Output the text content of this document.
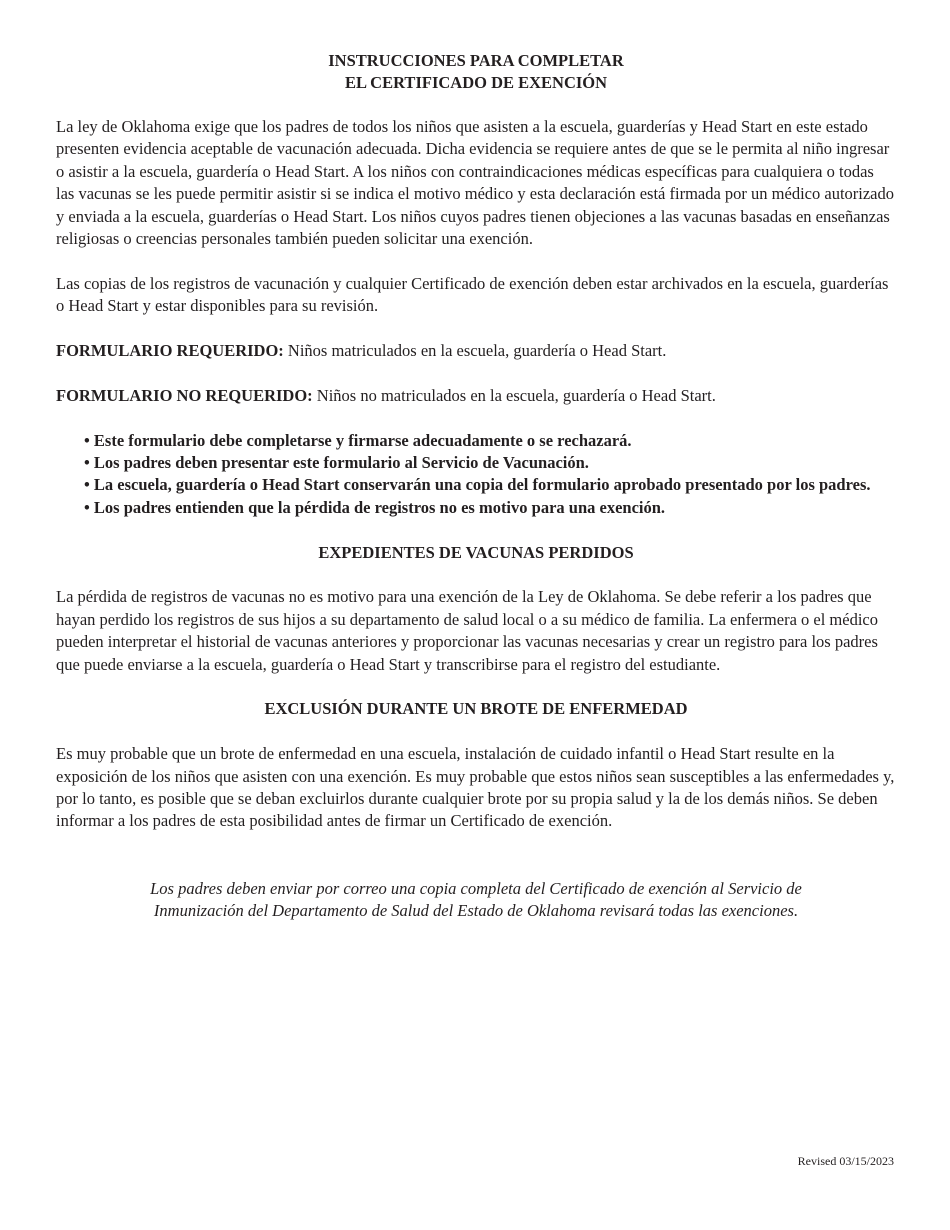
INSTRUCCIONES PARA COMPLETAR
EL CERTIFICADO DE EXENCIÓN

La ley de Oklahoma exige que los padres de todos los niños que asisten a la escuela, guarderías y Head Start en este estado presenten evidencia aceptable de vacunación adecuada. Dicha evidencia se requiere antes de que se le permita al niño ingresar o asistir a la escuela, guardería o Head Start. A los niños con contraindicaciones médicas específicas para cualquiera o todas las vacunas se les puede permitir asistir si se indica el motivo médico y esta declaración está firmada por un médico autorizado y enviada a la escuela, guarderías o Head Start. Los niños cuyos padres tienen objeciones a las vacunas basadas en enseñanzas religiosas o creencias personales también pueden solicitar una exención.

Las copias de los registros de vacunación y cualquier Certificado de exención deben estar archivados en la escuela, guarderías o Head Start y estar disponibles para su revisión.

FORMULARIO REQUERIDO: Niños matriculados en la escuela, guardería o Head Start.

FORMULARIO NO REQUERIDO: Niños no matriculados en la escuela, guardería o Head Start.

• Este formulario debe completarse y firmarse adecuadamente o se rechazará.
• Los padres deben presentar este formulario al Servicio de Vacunación.
• La escuela, guardería o Head Start conservarán una copia del formulario aprobado presentado por los padres.
• Los padres entienden que la pérdida de registros no es motivo para una exención.
EXPEDIENTES DE VACUNAS PERDIDOS

La pérdida de registros de vacunas no es motivo para una exención de la Ley de Oklahoma. Se debe referir a los padres que hayan perdido los registros de sus hijos a su departamento de salud local o a su médico de familia. La enfermera o el médico pueden interpretar el historial de vacunas anteriores y proporcionar las vacunas necesarias y crear un registro para los padres que puede enviarse a la escuela, guardería o Head Start y transcribirse para el registro del estudiante.

EXCLUSIÓN DURANTE UN BROTE DE ENFERMEDAD

Es muy probable que un brote de enfermedad en una escuela, instalación de cuidado infantil o Head Start resulte en la exposición de los niños que asisten con una exención. Es muy probable que estos niños sean susceptibles a las enfermedades y, por lo tanto, es posible que se deban excluirlos durante cualquier brote por su propia salud y la de los demás niños. Se deben informar a los padres de esta posibilidad antes de firmar un Certificado de exención.

Los padres deben enviar por correo una copia completa del Certificado de exención al Servicio de
Inmunización del Departamento de Salud del Estado de Oklahoma revisará todas las exenciones.
Revised 03/15/2023
